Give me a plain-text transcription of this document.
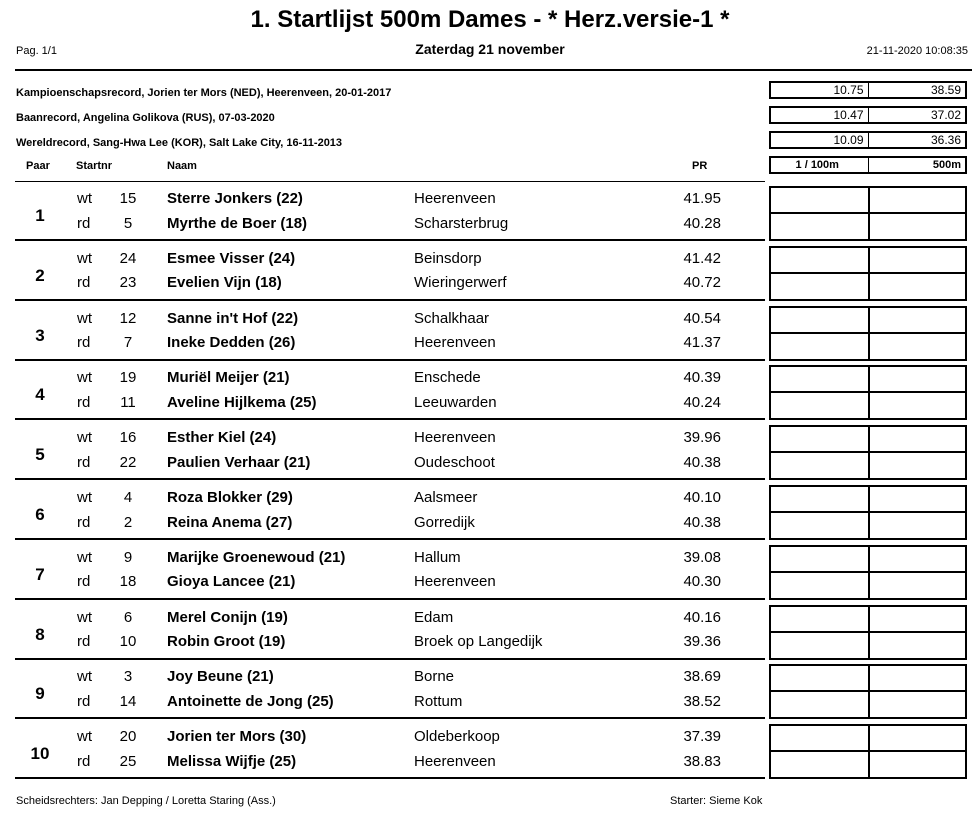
1. Startlijst 500m Dames - * Herz.versie-1 *
Pag. 1/1	Zaterdag 21 november	21-11-2020 10:08:35
Kampioenschapsrecord, Jorien ter Mors (NED), Heerenveen, 20-01-2017	10.75	38.59
Baanrecord, Angelina Golikova (RUS), 07-03-2020	10.47	37.02
Wereldrecord, Sang-Hwa Lee (KOR), Salt Lake City, 16-11-2013	10.09	36.36
Paar Startnr	Naam	PR	1 / 100m	500m
1
wt	15	Sterre Jonkers (22)	Heerenveen	41.95
rd	5	Myrthe de Boer (18)	Scharsterbrug	40.28
2
wt	24	Esmee Visser (24)	Beinsdorp	41.42
rd	23	Evelien Vijn (18)	Wieringerwerf	40.72
3
wt	12	Sanne in't Hof (22)	Schalkhaar	40.54
rd	7	Ineke Dedden (26)	Heerenveen	41.37
4
wt	19	Muriël Meijer (21)	Enschede	40.39
rd	11	Aveline Hijlkema (25)	Leeuwarden	40.24
5
wt	16	Esther Kiel (24)	Heerenveen	39.96
rd	22	Paulien Verhaar (21)	Oudeschoot	40.38
6
wt	4	Roza Blokker (29)	Aalsmeer	40.10
rd	2	Reina Anema (27)	Gorredijk	40.38
7
wt	9	Marijke Groenewoud (21)	Hallum	39.08
rd	18	Gioya Lancee (21)	Heerenveen	40.30
8
wt	6	Merel Conijn (19)	Edam	40.16
rd	10	Robin Groot (19)	Broek op Langedijk	39.36
9
wt	3	Joy Beune (21)	Borne	38.69
rd	14	Antoinette de Jong (25)	Rottum	38.52
10
wt	20	Jorien ter Mors (30)	Oldeberkoop	37.39
rd	25	Melissa Wijfje (25)	Heerenveen	38.83
Scheidsrechters: Jan Depping / Loretta Staring (Ass.)	Starter: Sieme Kok
